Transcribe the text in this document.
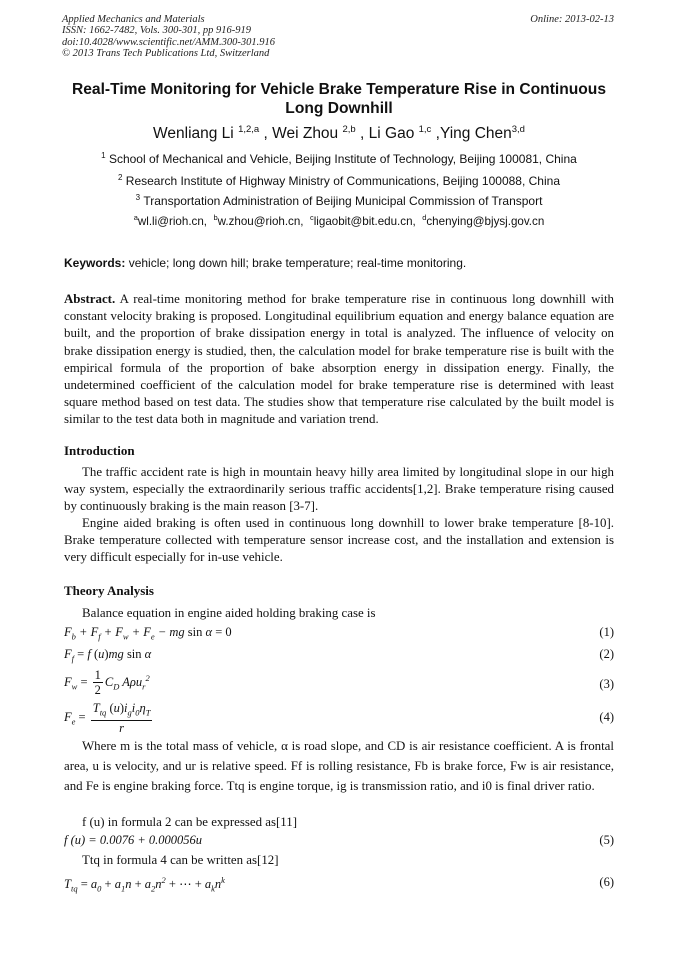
Applied Mechanics and Materials
ISSN: 1662-7482, Vols. 300-301, pp 916-919
doi:10.4028/www.scientific.net/AMM.300-301.916
© 2013 Trans Tech Publications Ltd, Switzerland
Online: 2013-02-13
Real-Time Monitoring for Vehicle Brake Temperature Rise in Continuous
Long Downhill
Wenliang Li $^{1,2,a}$ , Wei Zhou $^{2,b}$ , Li Gao $^{1,c}$ ,Ying Chen$^{3,d}$
$^1$ School of Mechanical and Vehicle, Beijing Institute of Technology, Beijing 100081, China
$^2$ Research Institute of Highway Ministry of Communications, Beijing 100088, China
$^3$ Transportation Administration of Beijing Municipal Commission of Transport
$^a$wl.li@rioh.cn, $^b$w.zhou@rioh.cn, $^c$ligaobit@bit.edu.cn, $^d$chenying@bjysj.gov.cn
Keywords: vehicle; long down hill; brake temperature; real-time monitoring.
Abstract. A real-time monitoring method for brake temperature rise in continuous long downhill with constant velocity braking is proposed. Longitudinal equilibrium equation and energy balance equation are built, and the proportion of brake dissipation energy in total is analyzed. The influence of velocity on brake dissipation energy is studied, then, the calculation model for brake temperature rise is built with the empirical formula of the proportion of bake absorption energy in dissipation energy. Finally, the undetermined coefficient of the calculation model for brake temperature rise is determined with least square method based on test data. The studies show that temperature rise calculated by the built model is similar to the test data both in magnitude and variation trend.
Introduction
The traffic accident rate is high in mountain heavy hilly area limited by longitudinal slope in our high way system, especially the extraordinarily serious traffic accidents[1,2]. Brake temperature rising caused by continuously braking is the main reason [3-7].
Engine aided braking is often used in continuous long downhill to lower brake temperature [8-10]. Brake temperature collected with temperature sensor increase cost, and the installation and extension is very difficult especially for in-use vehicle.
Theory Analysis
Balance equation in engine aided holding braking case is
$F_b + F_f + F_w + F_e$ − mg sin α = 0	(1)
$F_f = f$ (u)mg sin α	(2)
$F_w = \frac{1}{2} C_D$ Aρu$_r^2$	(3)
$F_e = \frac{T_{tq} (u)i_gi_0\eta_T}{r}$	(4)
Where m is the total mass of vehicle, α is road slope, and CD is air resistance coefficient. A is frontal area, u is velocity, and ur is relative speed. Ff is rolling resistance, Fb is brake force, Fw is air resistance, and Fe is engine braking force. Ttq is engine torque, ig is transmission ratio, and i0 is final driver ratio.
f (u) in formula 2 can be expressed as[11]
f (u) = 0.0076 + 0.000056u	(5)
Ttq in formula 4 can be written as[12]
$T_{tq} = a_0 + a_1n + a_2n^2$ + ⋯ + $a_kn^k$	(6)
